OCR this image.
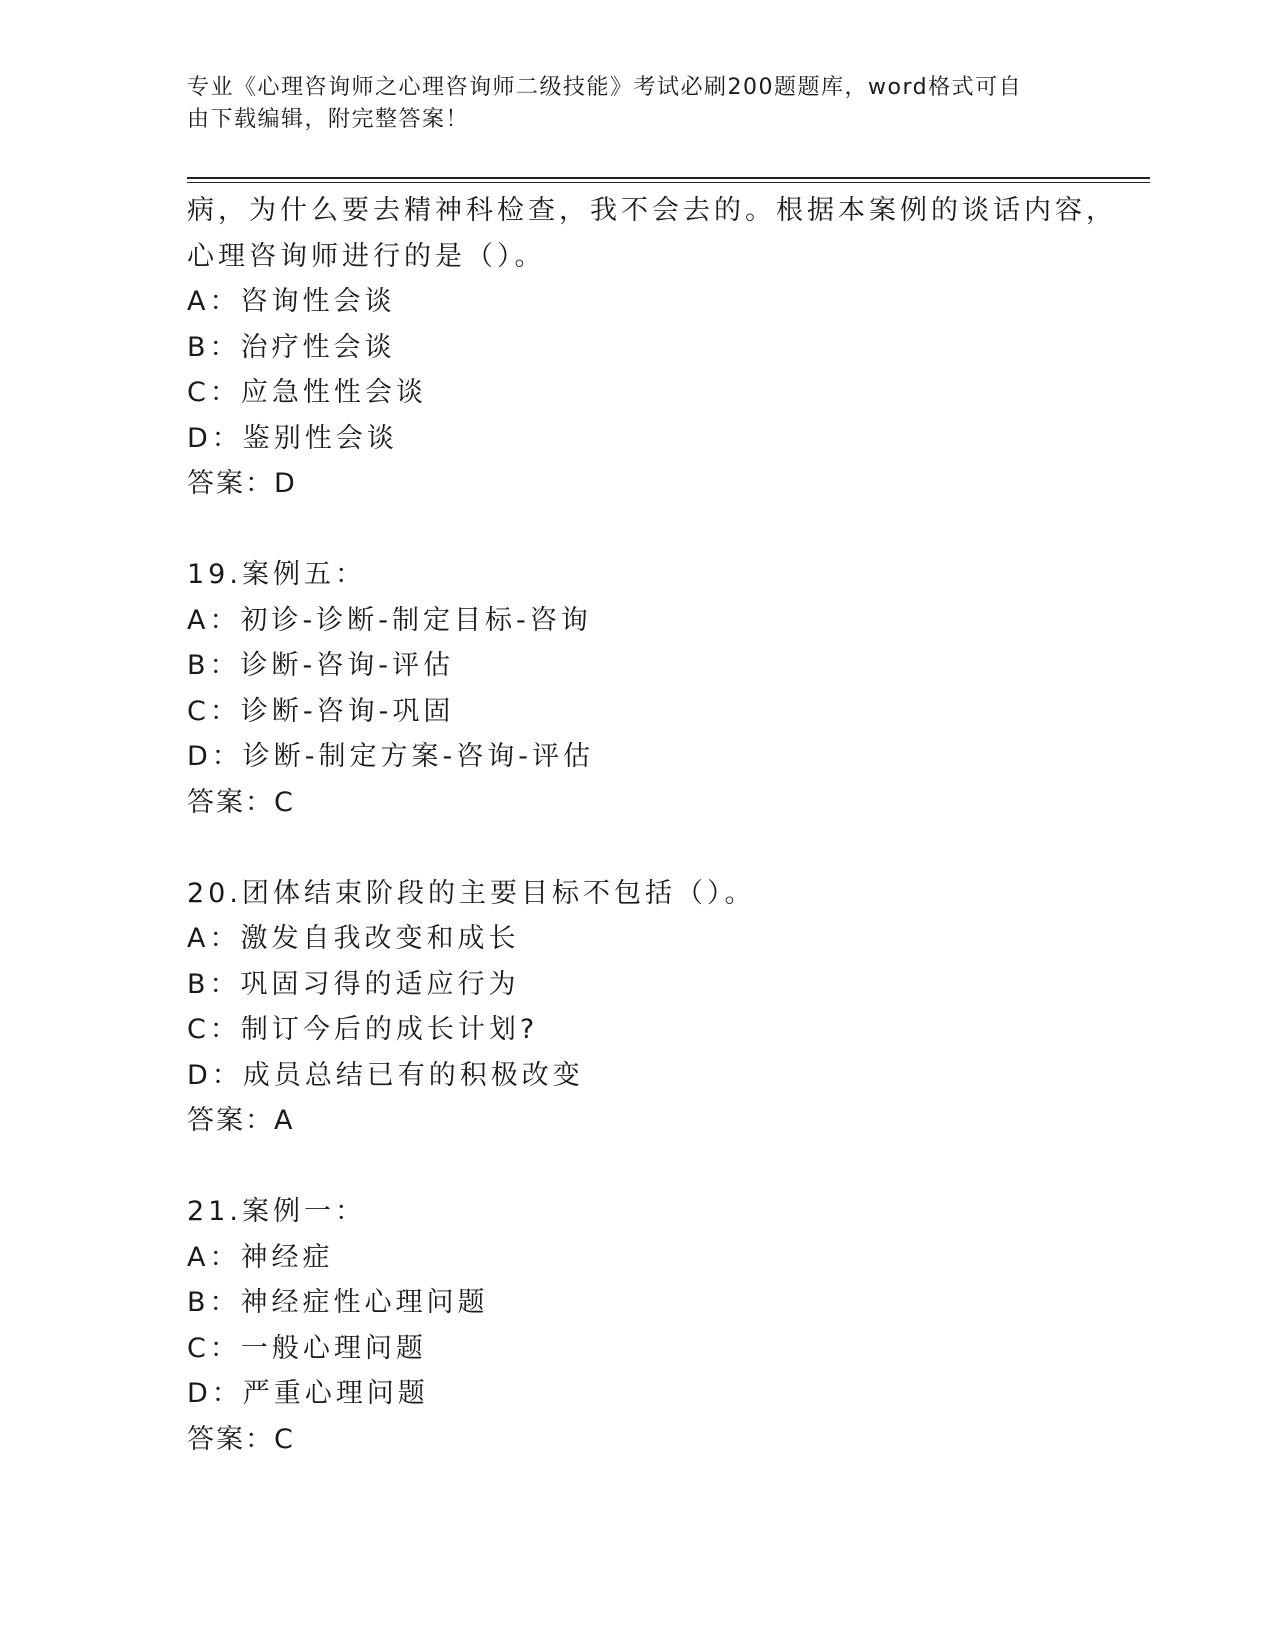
专业《心理咨询师之心理咨询师二级技能》考试必刷200题题库，word格式可自
由下载编辑，附完整答案！
病，为什么要去精神科检查，我不会去的。根据本案例的谈话内容，
心理咨询师进行的是（）。
A：咨询性会谈
B：治疗性会谈
C：应急性性会谈
D：鉴别性会谈
答案：D
19.案例五：
A：初诊-诊断-制定目标-咨询
B：诊断-咨询-评估
C：诊断-咨询-巩固
D：诊断-制定方案-咨询-评估
答案：C
20.团体结束阶段的主要目标不包括（）。
A：激发自我改变和成长
B：巩固习得的适应行为
C：制订今后的成长计划?
D：成员总结已有的积极改变
答案：A
21.案例一：
A：神经症
B：神经症性心理问题
C：一般心理问题
D：严重心理问题
答案：C
